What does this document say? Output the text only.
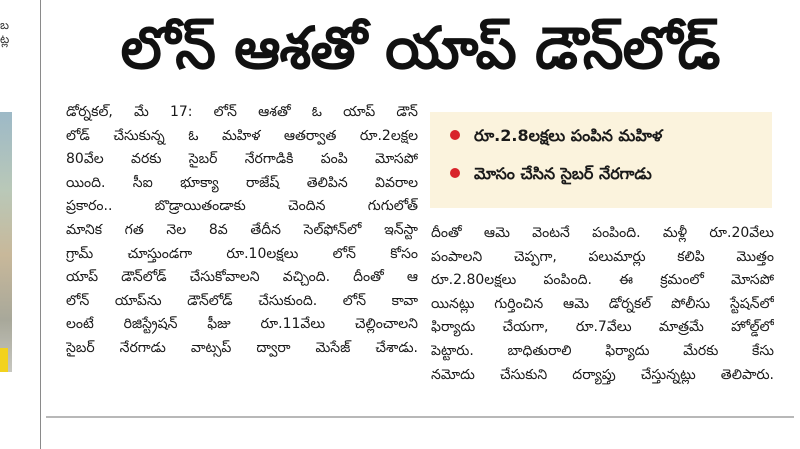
బ
ట్ల	లోన్ ఆశతో యాప్ డౌన్‌లోడ్
డోర్నకల్, మే 17: లోన్ ఆశతో ఓ యాప్ డౌన్
లోడ్ చేసుకున్న ఓ మహిళ ఆతర్వాత రూ.2లక్షల
80వేల వరకు సైబర్ నేరగాడికి పంపి మోసపో
యింది. సీఐ భూక్యా రాజేష్ తెలిపిన వివరాల
ప్రకారం.. బొడ్రాయితండాకు చెందిన గుగులోత్
మానిక గత నెల 8వ తేదీన సెల్‌ఫోన్‌లో ఇన్‌స్టా
గ్రామ్ చూస్తుండగా రూ.10లక్షలు లోన్ కోసం
యాప్ డౌన్‌లోడ్ చేసుకోవాలని వచ్చింది. దీంతో ఆ
లోన్ యాప్‌ను డౌన్‌లోడ్ చేసుకుంది. లోన్ కావా
లంటే రిజిస్ట్రేషన్ ఫీజు రూ.11వేలు చెల్లించాలని
సైబర్ నేరగాడు వాట్సప్ ద్వారా మెసేజ్ చేశాడు.
రూ.2.8లక్షలు పంపిన మహిళ
మోసం చేసిన సైబర్ నేరగాడు
దీంతో ఆమె వెంటనే పంపింది. మళ్లీ రూ.20వేలు
పంపాలని చెప్పగా, పలుమార్లు కలిపి మొత్తం
రూ.2.80లక్షలు పంపింది. ఈ క్రమంలో మోసపో
యినట్లు గుర్తించిన ఆమె డోర్నకల్ పోలీసు స్టేషన్‌లో
ఫిర్యాదు చేయగా, రూ.7వేలు మాత్రమే హోల్డ్‌లో
పెట్టారు. బాధితురాలి ఫిర్యాదు మేరకు కేసు
నమోదు చేసుకుని దర్యాప్తు చేస్తున్నట్లు తెలిపారు.
